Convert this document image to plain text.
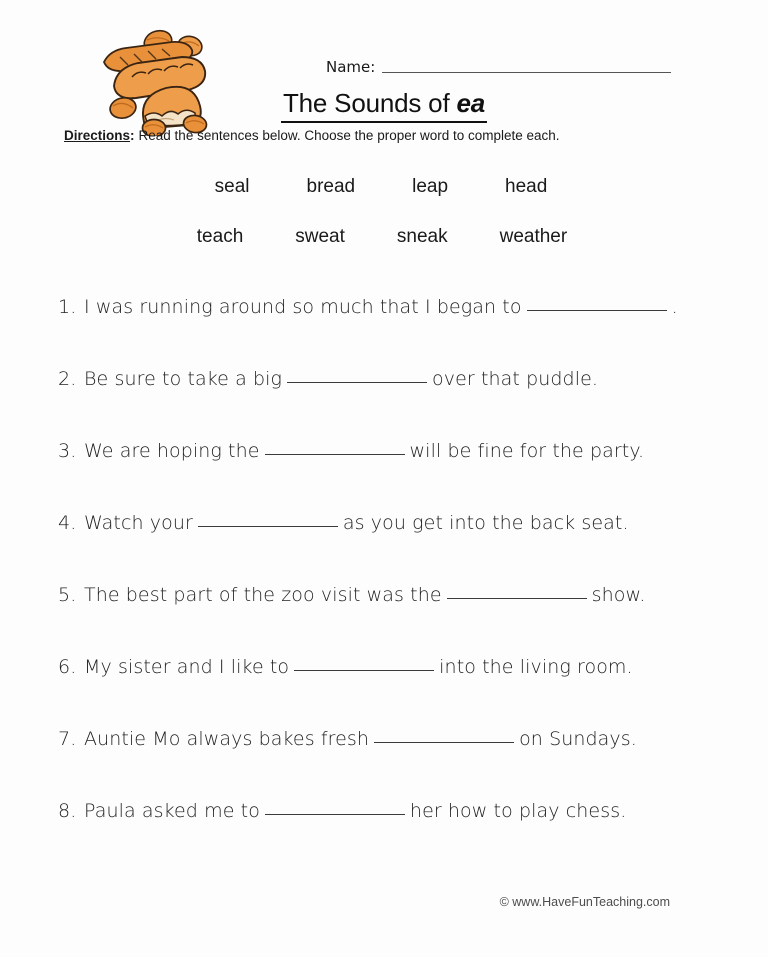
Name:
The Sounds of ea
Directions: Read the sentences below. Choose the proper word to complete each.
seal	bread	leap	head
teach	sweat	sneak	weather
1. I was running around so much that I began to	.
2. Be sure to take a big	over that puddle.
3. We are hoping the	will be fine for the party.
4. Watch your	as you get into the back seat.
5. The best part of the zoo visit was the	show.
6. My sister and I like to	into the living room.
7. Auntie Mo always bakes fresh	on Sundays.
8. Paula asked me to	her how to play chess.
© www.HaveFunTeaching.com
